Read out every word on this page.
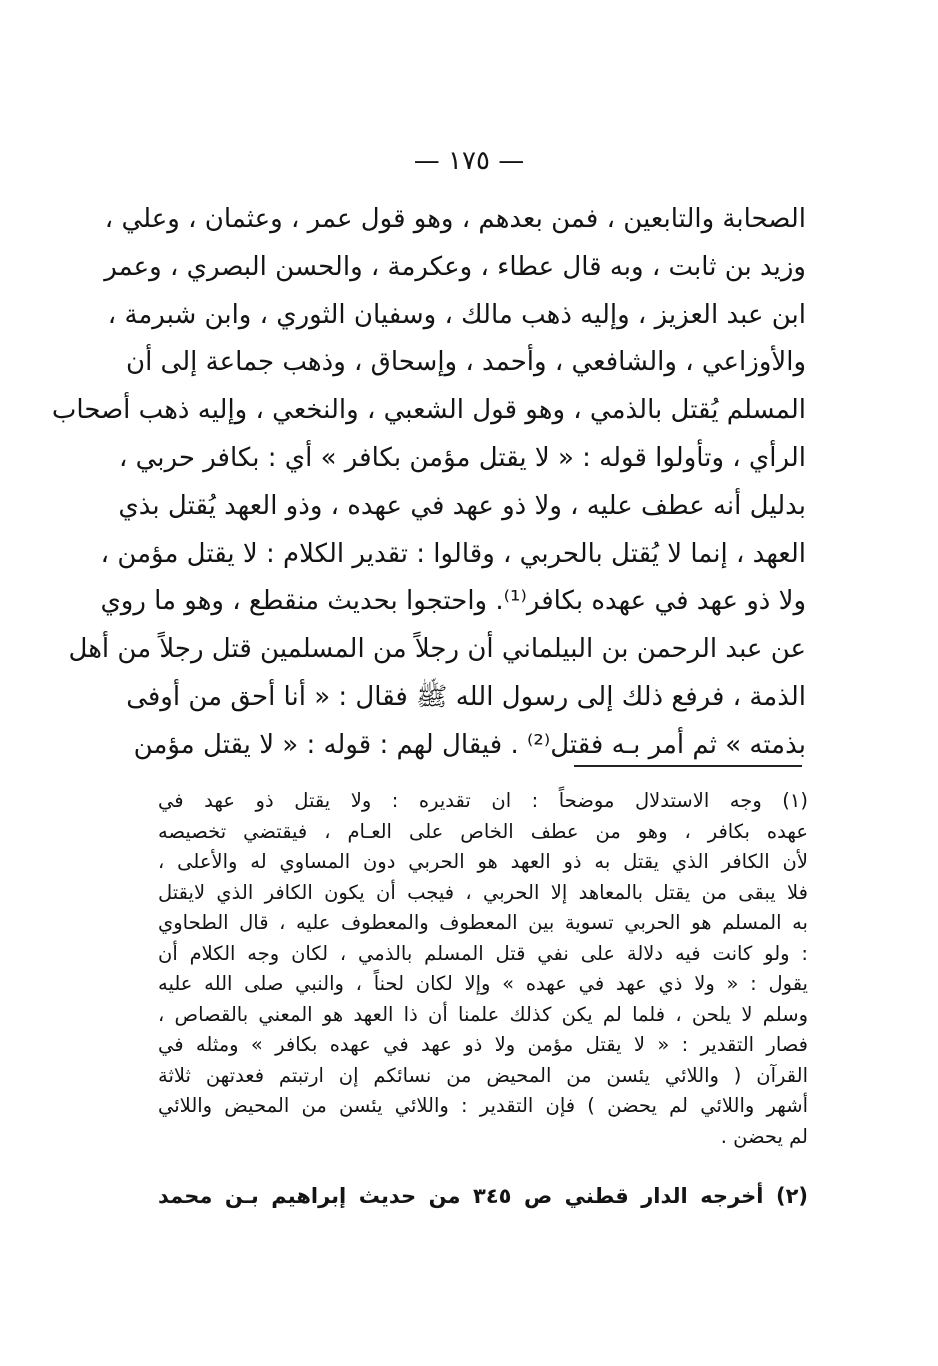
— ١٧٥ —
الصحابة والتابعين ، فمن بعدهم ، وهو قول عمر ، وعثمان ، وعلي ،
وزيد بن ثابت ، وبه قال عطاء ، وعكرمة ، والحسن البصري ، وعمر
ابن عبد العزيز ، وإليه ذهب مالك ، وسفيان الثوري ، وابن شبرمة ،
والأوزاعي ، والشافعي ، وأحمد ، وإسحاق ، وذهب جماعة إلى أن
المسلم يُقتل بالذمي ، وهو قول الشعبي ، والنخعي ، وإليه ذهب أصحاب
الرأي ، وتأولوا قوله : « لا يقتل مؤمن بكافر » أي : بكافر حربي ،
بدليل أنه عطف عليه ، ولا ذو عهد في عهده ، وذو العهد يُقتل بذي
العهد ، إنما لا يُقتل بالحربي ، وقالوا : تقدير الكلام : لا يقتل مؤمن ،
ولا ذو عهد في عهده بكافر⁽¹⁾. واحتجوا بحديث منقطع ، وهو ما روي
عن عبد الرحمن بن البيلماني أن رجلاً من المسلمين قتل رجلاً من أهل
الذمة ، فرفع ذلك إلى رسول الله ﷺ فقال : « أنا أحق من أوفى
بذمته » ثم أمر بـه فقتل⁽²⁾ . فيقال لهم : قوله : « لا يقتل مؤمن
(١) وجه الاستدلال موضحاً : ان تقديره : ولا يقتل ذو عهد في
عهده بكافر ، وهو من عطف الخاص على العـام ، فيقتضي تخصيصه
لأن الكافر الذي يقتل به ذو العهد هو الحربي دون المساوي له والأعلى ،
فلا يبقى من يقتل بالمعاهد إلا الحربي ، فيجب أن يكون الكافر الذي لايقتل
به المسلم هو الحربي تسوية بين المعطوف والمعطوف عليه ، قال الطحاوي
: ولو كانت فيه دلالة على نفي قتل المسلم بالذمي ، لكان وجه الكلام أن
يقول : « ولا ذي عهد في عهده » وإلا لكان لحناً ، والنبي صلى الله عليه
وسلم لا يلحن ، فلما لم يكن كذلك علمنا أن ذا العهد هو المعني بالقصاص ،
فصار التقدير : « لا يقتل مؤمن ولا ذو عهد في عهده بكافر » ومثله في
القرآن ( واللائي يئسن من المحيض من نسائكم إن ارتبتم فعدتهن ثلاثة
أشهر واللائي لم يحضن ) فإن التقدير : واللائي يئسن من المحيض واللائي
لم يحضن .
(٢) أخرجه الدار قطني ص ٣٤٥ من حديث إبراهيم بـن محمد
